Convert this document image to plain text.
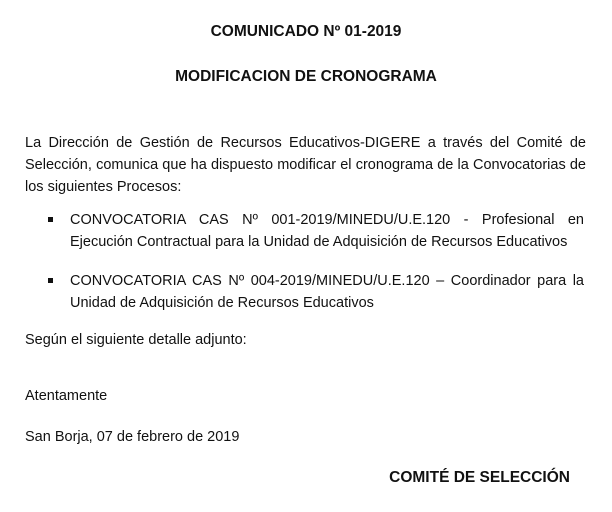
COMUNICADO Nº 01-2019
MODIFICACION DE CRONOGRAMA
La Dirección de Gestión de Recursos Educativos-DIGERE a través del Comité de Selección, comunica que ha dispuesto modificar el cronograma de la Convocatorias de los siguientes Procesos:
CONVOCATORIA CAS Nº 001-2019/MINEDU/U.E.120 - Profesional en Ejecución Contractual para la Unidad de Adquisición de Recursos Educativos
CONVOCATORIA CAS Nº 004-2019/MINEDU/U.E.120 – Coordinador para la Unidad de Adquisición de Recursos Educativos
Según el siguiente detalle adjunto:
Atentamente
San Borja, 07 de febrero de 2019
COMITÉ DE SELECCIÓN
